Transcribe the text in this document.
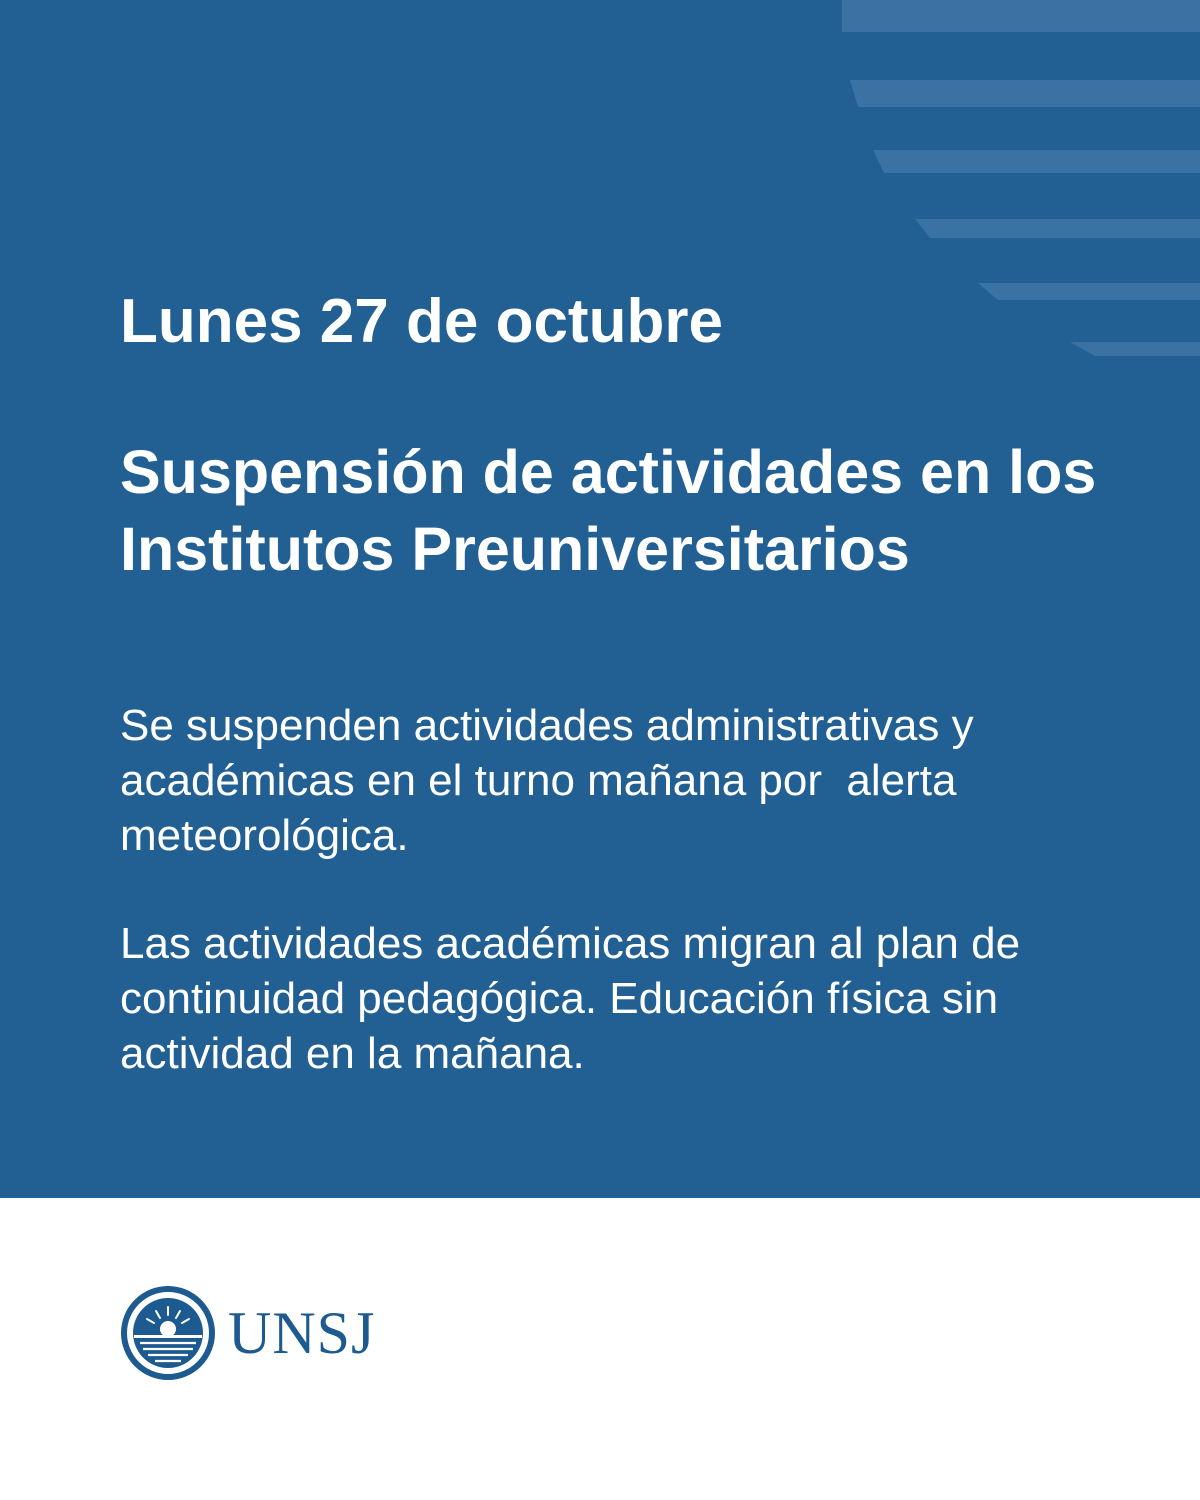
Lunes 27 de octubre
Suspensión de actividades en los Institutos Preuniversitarios

Se suspenden actividades administrativas y académicas en el turno mañana por  alerta meteorológica.

Las actividades académicas migran al plan de continuidad pedagógica. Educación física sin actividad en la mañana.

UNSJ
